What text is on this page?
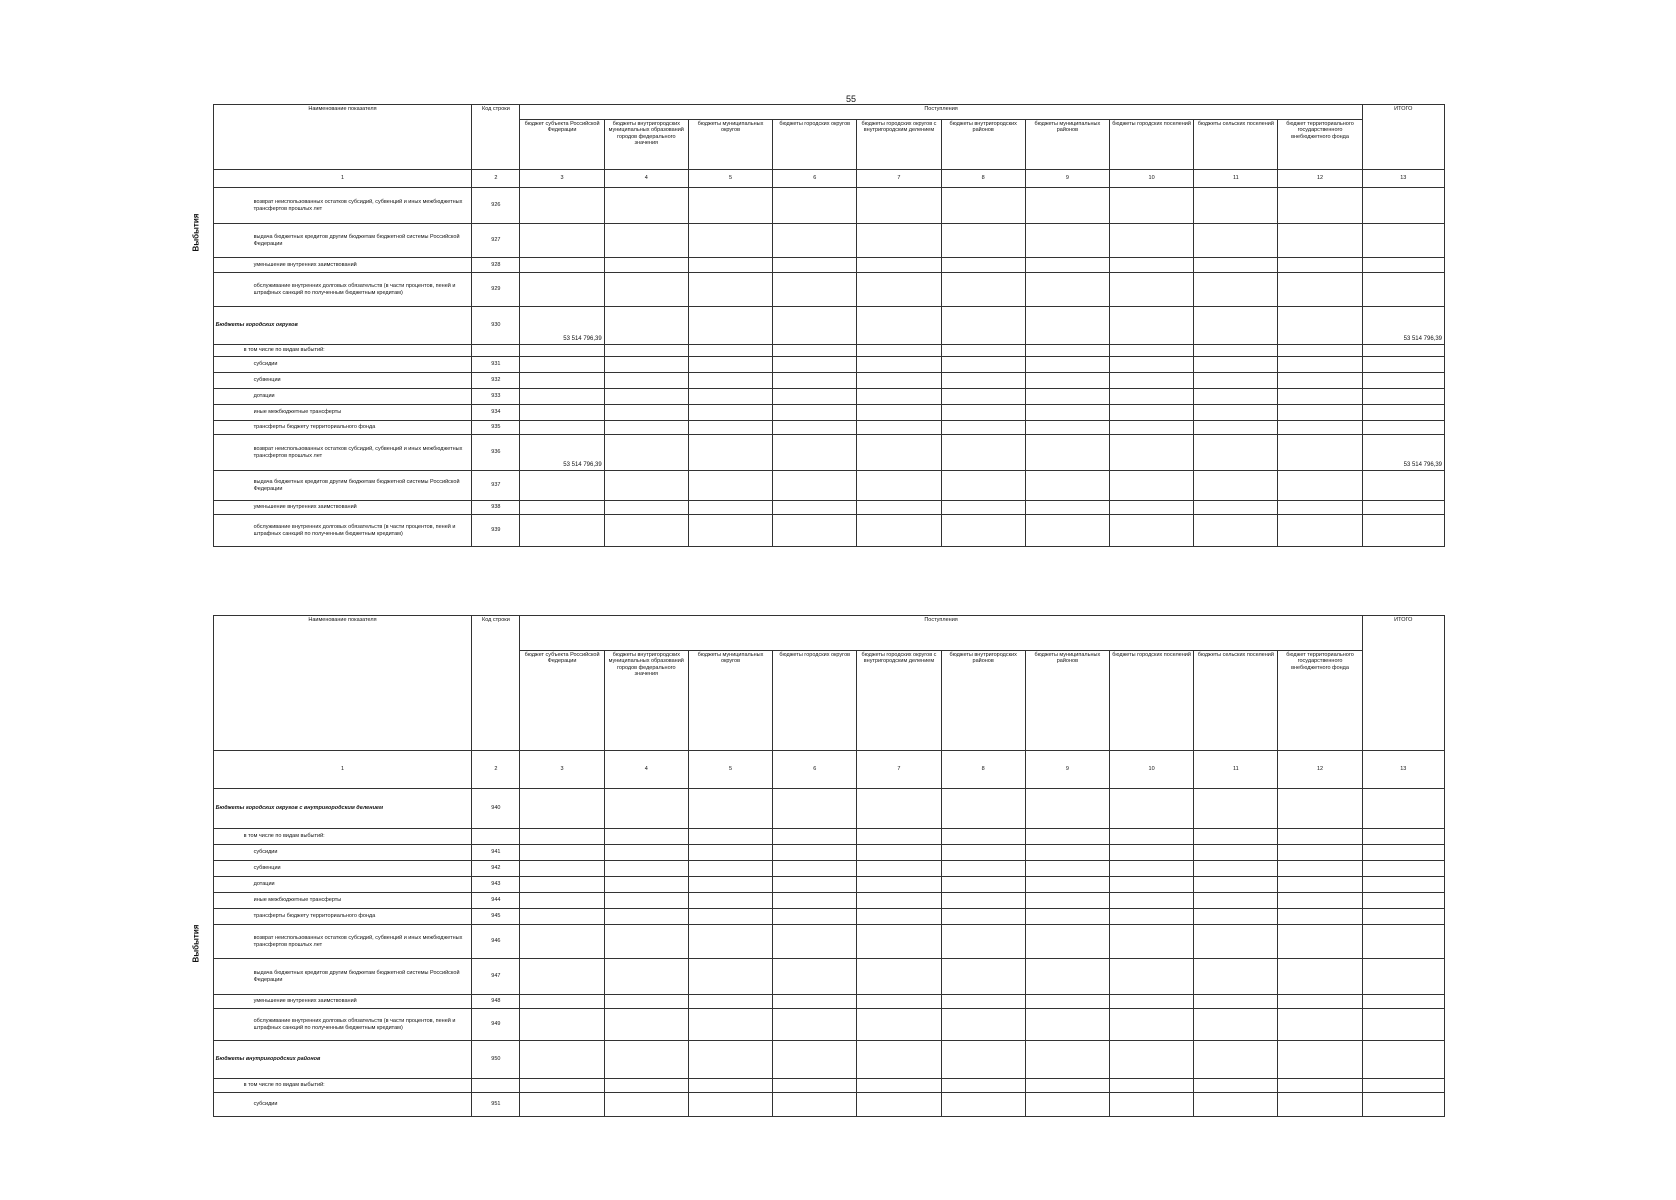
55
Выбытия
	Наименование показателя	Код строки	Поступления										ИТОГО
			бюджет субъекта Российской Федерации	бюджеты внутригородских муниципальных образований городов федерального значения	бюджеты муниципальных округов	бюджеты городских округов	бюджеты городских округов с внутригородским делением	бюджеты внутригородских районов	бюджеты муниципальных районов	бюджеты городских поселений	бюджеты сельских поселений	бюджет территориального государственного внебюджетного фонда	
	1	2	3	4	5	6	7	8	9	10	11	12	13
	возврат неиспользованных остатков субсидий, субвенций и иных межбюджетных трансфертов прошлых лет	926											
	выдача бюджетных кредитов другим бюджетам бюджетной системы Российской Федерации	927											
	уменьшение внутренних заимствований	928											
	обслуживание внутренних долговых обязательств (в части процентов, пеней и штрафных санкций по полученным бюджетным кредитам)	929											
	Бюджеты городских округов	930	53 514 796,39										53 514 796,39
	в том числе по видам выбытий:												
	субсидии	931											
	субвенции	932											
	дотации	933											
	иные межбюджетные трансферты	934											
	трансферты бюджету территориального фонда	935											
	возврат неиспользованных остатков субсидий, субвенций и иных межбюджетных трансфертов прошлых лет	936	53 514 796,39										53 514 796,39
	выдача бюджетных кредитов другим бюджетам бюджетной системы Российской Федерации	937											
	уменьшение внутренних заимствований	938											
	обслуживание внутренних долговых обязательств (в части процентов, пеней и штрафных санкций по полученным бюджетным кредитам)	939											
Выбытия
	Наименование показателя	Код строки	Поступления										ИТОГО
			бюджет субъекта Российской Федерации	бюджеты внутригородских муниципальных образований городов федерального значения	бюджеты муниципальных округов	бюджеты городских округов	бюджеты городских округов с внутригородским делением	бюджеты внутригородских районов	бюджеты муниципальных районов	бюджеты городских поселений	бюджеты сельских поселений	бюджет территориального государственного внебюджетного фонда	
	1	2	3	4	5	6	7	8	9	10	11	12	13
	Бюджеты городских округов с внутригородским делением	940											
	в том числе по видам выбытий:												
	субсидии	941											
	субвенции	942											
	дотации	943											
	иные межбюджетные трансферты	944											
	трансферты бюджету территориального фонда	945											
	возврат неиспользованных остатков субсидий, субвенций и иных межбюджетных трансфертов прошлых лет	946											
	выдача бюджетных кредитов другим бюджетам бюджетной системы Российской Федерации	947											
	уменьшение внутренних заимствований	948											
	обслуживание внутренних долговых обязательств (в части процентов, пеней и штрафных санкций по полученным бюджетным кредитам)	949											
	Бюджеты внутригородских районов	950											
	в том числе по видам выбытий:												
	субсидии	951											
